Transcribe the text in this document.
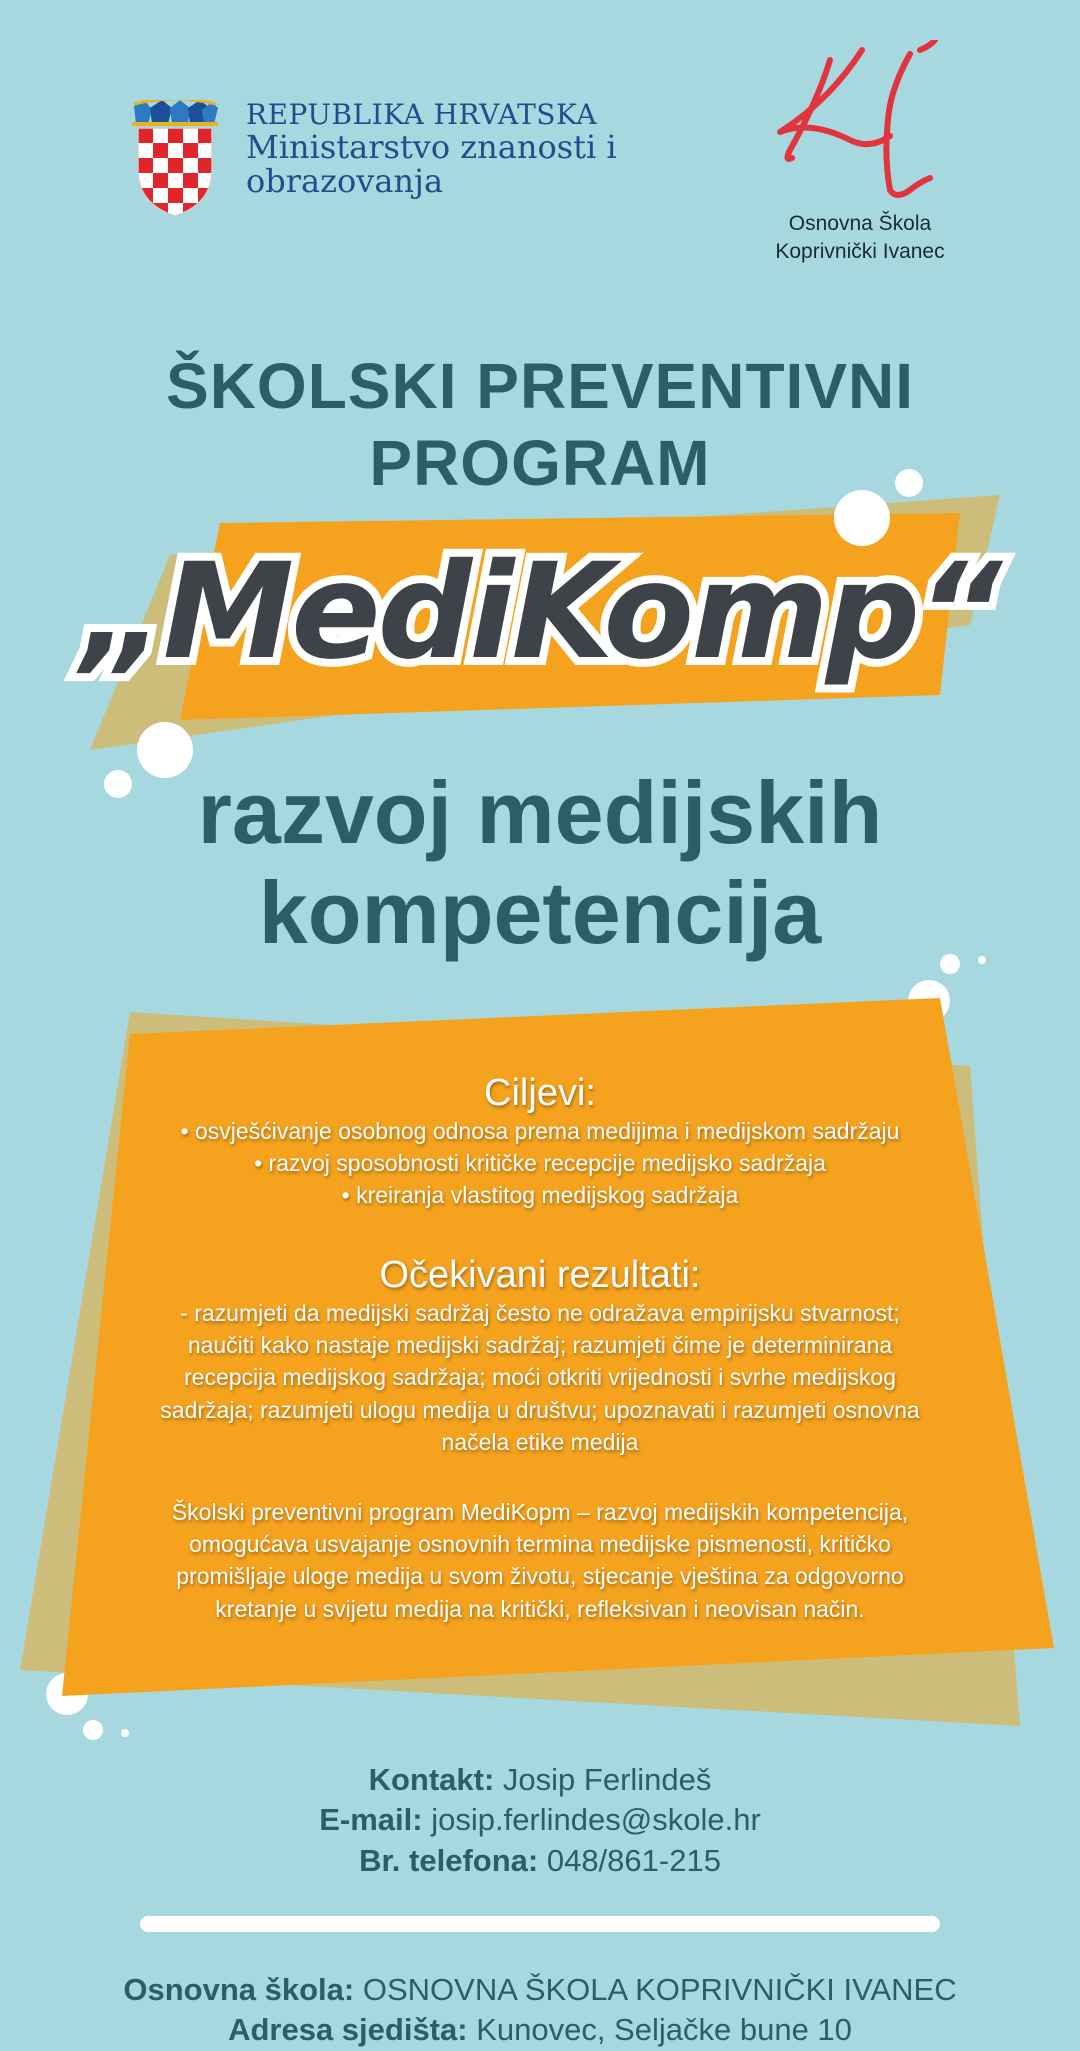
REPUBLIKA HRVATSKA
Ministarstvo znanosti i
obrazovanja
Osnovna Škola
Koprivnički Ivanec
ŠKOLSKI PREVENTIVNI
PROGRAM
„MediKomp“
razvoj medijskih
kompetencija
Ciljevi:
• osvješćivanje osobnog odnosa prema medijima i medijskom sadržaju
• razvoj sposobnosti kritičke recepcije medijsko sadržaja
• kreiranja vlastitog medijskog sadržaja
Očekivani rezultati:
- razumjeti da medijski sadržaj često ne odražava empirijsku stvarnost;
naučiti kako nastaje medijski sadržaj; razumjeti čime je determinirana
recepcija medijskog sadržaja; moći otkriti vrijednosti i svrhe medijskog
sadržaja; razumjeti ulogu medija u društvu; upoznavati i razumjeti osnovna
načela etike medija
Školski preventivni program MediKopm – razvoj medijskih kompetencija,
omogućava usvajanje osnovnih termina medijske pismenosti, kritičko
promišljaje uloge medija u svom životu, stjecanje vještina za odgovorno
kretanje u svijetu medija na kritički, refleksivan i neovisan način.
Kontakt: Josip Ferlindeš
E-mail: josip.ferlindes@skole.hr
Br. telefona: 048/861-215
Osnovna škola: OSNOVNA ŠKOLA KOPRIVNIČKI IVANEC
Adresa sjedišta: Kunovec, Seljačke bune 10
